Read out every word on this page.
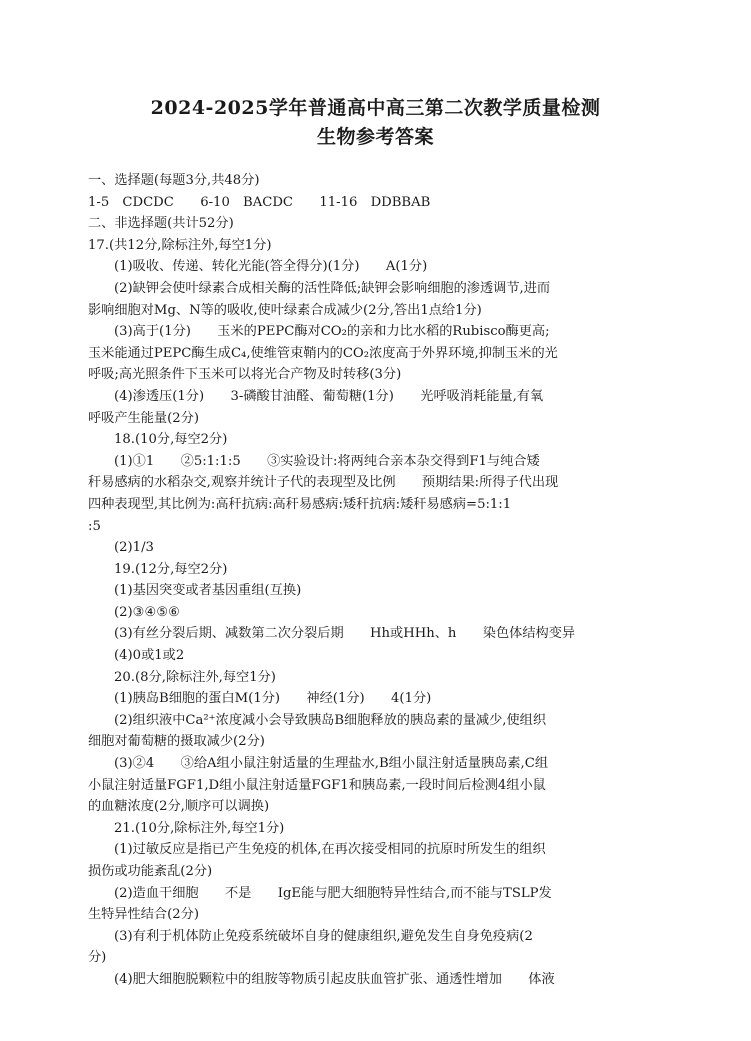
2024-2025学年普通高中高三第二次教学质量检测
生物参考答案
一、选择题(每题3分,共48分)
1-5　CDCDC　　6-10　BACDC　　11-16　DDBBAB
二、非选择题(共计52分)
17.(共12分,除标注外,每空1分)
(1)吸收、传递、转化光能(答全得分)(1分)　　A(1分)
(2)缺钾会使叶绿素合成相关酶的活性降低;缺钾会影响细胞的渗透调节,进而
影响细胞对Mg、N等的吸收,使叶绿素合成减少(2分,答出1点给1分)
(3)高于(1分)　　玉米的PEPC酶对CO₂的亲和力比水稻的Rubisco酶更高;
玉米能通过PEPC酶生成C₄,使维管束鞘内的CO₂浓度高于外界环境,抑制玉米的光
呼吸;高光照条件下玉米可以将光合产物及时转移(3分)
(4)渗透压(1分)　　3-磷酸甘油醛、葡萄糖(1分)　　光呼吸消耗能量,有氧
呼吸产生能量(2分)
18.(10分,每空2分)
(1)①1　　②5:1:1:5　　③实验设计:将两纯合亲本杂交得到F1与纯合矮
秆易感病的水稻杂交,观察并统计子代的表现型及比例　　预期结果:所得子代出现
四种表现型,其比例为:高秆抗病:高秆易感病:矮秆抗病:矮秆易感病=5:1:1
:5
(2)1/3
19.(12分,每空2分)
(1)基因突变或者基因重组(互换)
(2)③④⑤⑥
(3)有丝分裂后期、减数第二次分裂后期　　Hh或HHh、h　　染色体结构变异
(4)0或1或2
20.(8分,除标注外,每空1分)
(1)胰岛B细胞的蛋白M(1分)　　神经(1分)　　4(1分)
(2)组织液中Ca²⁺浓度减小会导致胰岛B细胞释放的胰岛素的量减少,使组织
细胞对葡萄糖的摄取减少(2分)
(3)②4　　③给A组小鼠注射适量的生理盐水,B组小鼠注射适量胰岛素,C组
小鼠注射适量FGF1,D组小鼠注射适量FGF1和胰岛素,一段时间后检测4组小鼠
的血糖浓度(2分,顺序可以调换)
21.(10分,除标注外,每空1分)
(1)过敏反应是指已产生免疫的机体,在再次接受相同的抗原时所发生的组织
损伤或功能紊乱(2分)
(2)造血干细胞　　不是　　IgE能与肥大细胞特异性结合,而不能与TSLP发
生特异性结合(2分)
(3)有利于机体防止免疫系统破坏自身的健康组织,避免发生自身免疫病(2
分)
(4)肥大细胞脱颗粒中的组胺等物质引起皮肤血管扩张、通透性增加　　体液
